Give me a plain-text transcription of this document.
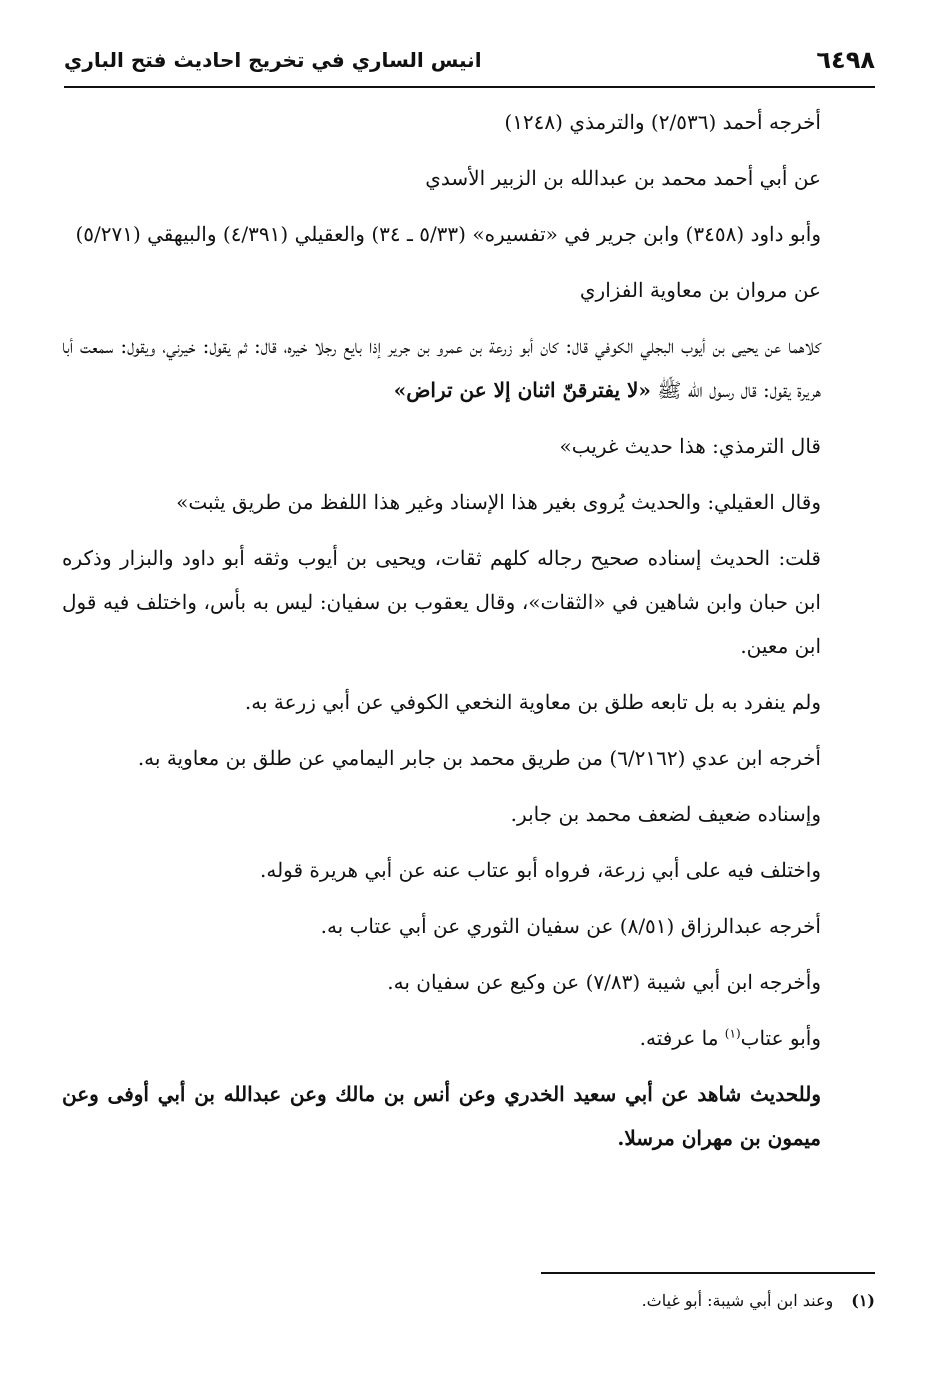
٦٤٩٨
انيس الساري في تخريج احاديث فتح الباري

أخرجه أحمد (٢/٥٣٦) والترمذي (١٢٤٨)

عن أبي أحمد محمد بن عبدالله بن الزبير الأسدي

وأبو داود (٣٤٥٨) وابن جرير في «تفسيره» (٥/٣٣ ـ ٣٤) والعقيلي (٤/٣٩١) والبيهقي (٥/٢٧١)

عن مروان بن معاوية الفزاري

كلاهما عن يحيى بن أيوب البجلي الكوفي قال: كان أبو زرعة بن عمرو بن جرير إذا بايع رجلا خيره، قال: ثم يقول: خيرني، ويقول: سمعت أبا هريرة يقول: قال رسول الله ﷺ «لا يفترقنّ اثنان إلا عن تراض»

قال الترمذي: هذا حديث غريب»

وقال العقيلي: والحديث يُروى بغير هذا الإسناد وغير هذا اللفظ من طريق يثبت»

قلت: الحديث إسناده صحيح رجاله كلهم ثقات، ويحيى بن أيوب وثقه أبو داود والبزار وذكره ابن حبان وابن شاهين في «الثقات»، وقال يعقوب بن سفيان: ليس به بأس، واختلف فيه قول ابن معين.

ولم ينفرد به بل تابعه طلق بن معاوية النخعي الكوفي عن أبي زرعة به.

أخرجه ابن عدي (٦/٢١٦٢) من طريق محمد بن جابر اليمامي عن طلق بن معاوية به.

وإسناده ضعيف لضعف محمد بن جابر.

واختلف فيه على أبي زرعة، فرواه أبو عتاب عنه عن أبي هريرة قوله.

أخرجه عبدالرزاق (٨/٥١) عن سفيان الثوري عن أبي عتاب به.

وأخرجه ابن أبي شيبة (٧/٨٣) عن وكيع عن سفيان به.

وأبو عتاب$^{(١)}$ ما عرفته.

وللحديث شاهد عن أبي سعيد الخدري وعن أنس بن مالك وعن عبدالله بن أبي أوفى وعن ميمون بن مهران مرسلا.

(١)وعند ابن أبي شيبة: أبو غياث.
